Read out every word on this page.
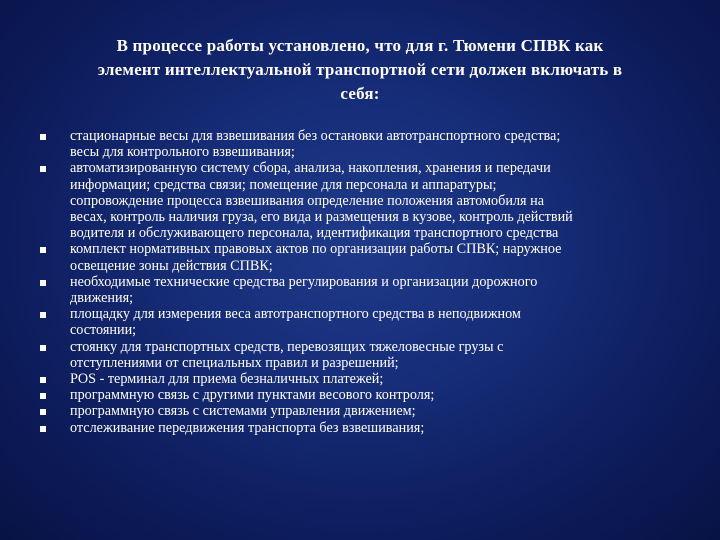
В процессе работы установлено, что для г. Тюмени СПВК как
элемент интеллектуальной транспортной сети должен включать в
себя:
стационарные весы для взвешивания без остановки автотранспортного средства;
весы для контрольного взвешивания;
автоматизированную систему сбора, анализа, накопления, хранения и передачи
информации; средства связи; помещение для персонала и аппаратуры;
сопровождение процесса взвешивания определение положения автомобиля на
весах, контроль наличия груза, его вида и размещения в кузове, контроль действий
водителя и обслуживающего персонала, идентификация транспортного средства
комплект нормативных правовых актов по организации работы СПВК; наружное
освещение зоны действия СПВК;
необходимые технические средства регулирования и организации дорожного
движения;
площадку для измерения веса автотранспортного средства в неподвижном
состоянии;
стоянку для транспортных средств, перевозящих тяжеловесные грузы с
отступлениями от специальных правил и разрешений;
POS - терминал для приема безналичных платежей;
программную связь с другими пунктами весового контроля;
программную связь с системами управления движением;
отслеживание передвижения транспорта без взвешивания;
